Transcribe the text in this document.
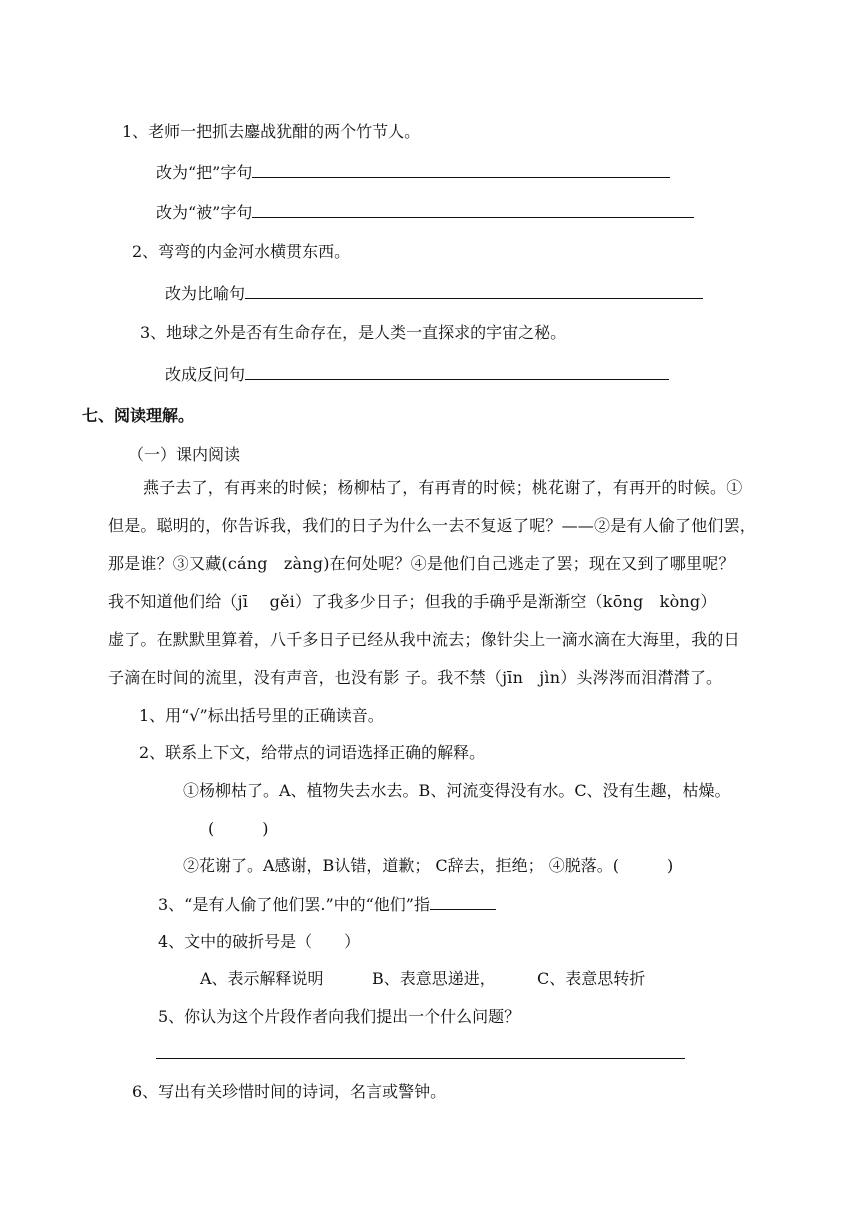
1、老师一把抓去鏖战犹酣的两个竹节人。
改为“把”字句
改为“被”字句
2、弯弯的内金河水横贯东西。
改为比喻句
3、地球之外是否有生命存在，是人类一直探求的宇宙之秘。
改成反问句
七、阅读理解。
（一）课内阅读
燕子去了，有再来的时候；杨柳枯了，有再青的时候；桃花谢了，有再开的时候。①
但是。聪明的，你告诉我，我们的日子为什么一去不复返了呢？——②是有人偷了他们罢，
那是谁？③又藏(cáng　zàng)在何处呢？④是他们自己逃走了罢；现在又到了哪里呢？
我不知道他们给（jī　 gěi）了我多少日子；但我的手确乎是渐渐空（kōng　kòng）
虚了。在默默里算着，八千多日子已经从我中流去；像针尖上一滴水滴在大海里，我的日
子滴在时间的流里，没有声音，也没有影 子。我不禁（jīn　jìn）头涔涔而泪潸潸了。
1、用“√”标出括号里的正确读音。
2、联系上下文，给带点的词语选择正确的解释。
①杨柳枯了。A、植物失去水去。B、河流变得没有水。C、没有生趣，枯燥。
(　　　)
②花谢了。A感谢，B认错，道歉； C辞去，拒绝； ④脱落。(　　　)
3、“是有人偷了他们罢.”中的“他们”指
4、文中的破折号是（　　）
A、表示解释说明	B、表意思递进，	C、表意思转折
5、你认为这个片段作者向我们提出一个什么问题？
6、写出有关珍惜时间的诗词，名言或警钟。
